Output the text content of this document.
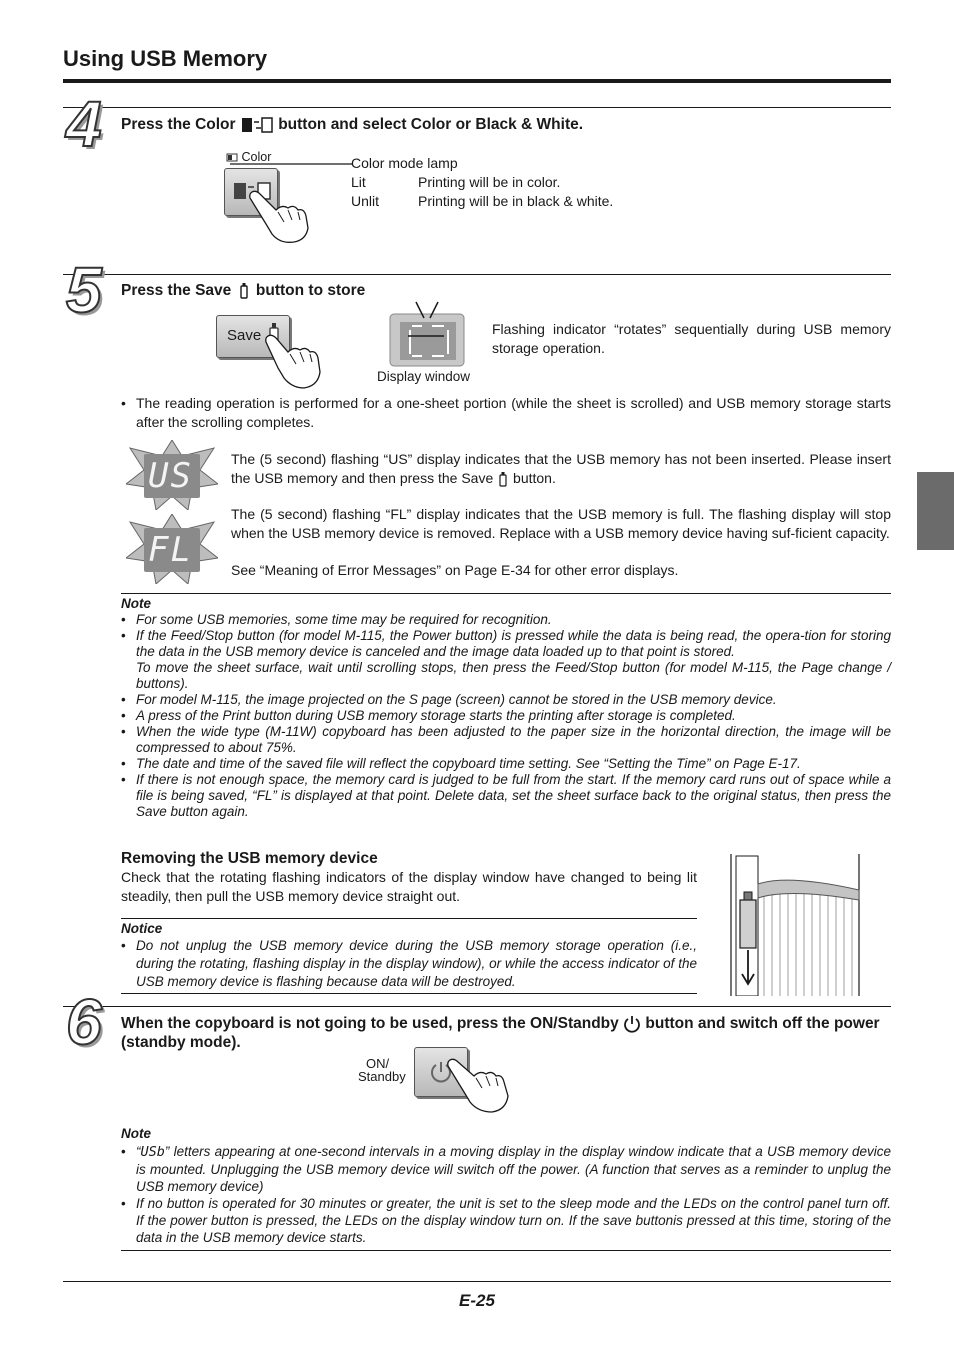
Using USB Memory
4 Press the Color	button and select Color or Black & White.
Color	Color mode lamp
Lit	Printing will be in color.
Unlit	Printing will be in black & white.
5 Press the Save button to store
Save
Display window
Flashing indicator “rotates” sequentially during USB memory storage operation.
• The reading operation is performed for a one-sheet portion (while the sheet is scrolled) and USB memory storage starts after the scrolling completes.
US
FL
The (5 second) flashing “US” display indicates that the USB memory has not been inserted. Please insert the USB memory and then press the Save button.
The (5 second) flashing “FL” display indicates that the USB memory is full. The flashing display will stop when the USB memory device is removed. Replace with a USB memory device having suf-ficient capacity.
See “Meaning of Error Messages” on Page E-34 for other error displays.
Note
• For some USB memories, some time may be required for recognition.
• If the Feed/Stop button (for model M-115, the Power button) is pressed while the data is being read, the opera-tion for storing the data in the USB memory device is canceled and the image data loaded up to that point is stored.
To move the sheet surface, wait until scrolling stops, then press the Feed/Stop button (for model M-115, the Page change / buttons).
• For model M-115, the image projected on the S page (screen) cannot be stored in the USB memory device.
• A press of the Print button during USB memory storage starts the printing after storage is completed.
• When the wide type (M-11W) copyboard has been adjusted to the paper size in the horizontal direction, the image will be compressed to about 75%.
• The date and time of the saved file will reflect the copyboard time setting. See “Setting the Time” on Page E-17.
• If there is not enough space, the memory card is judged to be full from the start. If the memory card runs out of space while a file is being saved, “FL” is displayed at that point. Delete data, set the sheet surface back to the original status, then press the Save button again.
Removing the USB memory device
Check that the rotating flashing indicators of the display window have changed to being lit steadily, then pull the USB memory device straight out.
Notice
• Do not unplug the USB memory device during the USB memory storage operation (i.e., during the rotating, flashing display in the display window), or while the access indicator of the USB memory device is flashing because data will be destroyed.
6 When the copyboard is not going to be used, press the ON/Standby button and switch off the power (standby mode).
ON/
Standby
Note
• “USb” letters appearing at one-second intervals in a moving display in the display window indicate that a USB memory device is mounted. Unplugging the USB memory device will switch off the power. (A function that serves as a reminder to unplug the USB memory device)
• If no button is operated for 30 minutes or greater, the unit is set to the sleep mode and the LEDs on the control panel turn off. If the power button is pressed, the LEDs on the display window turn on. If the save buttonis pressed at this time, storing of the data in the USB memory device starts.
E-25
